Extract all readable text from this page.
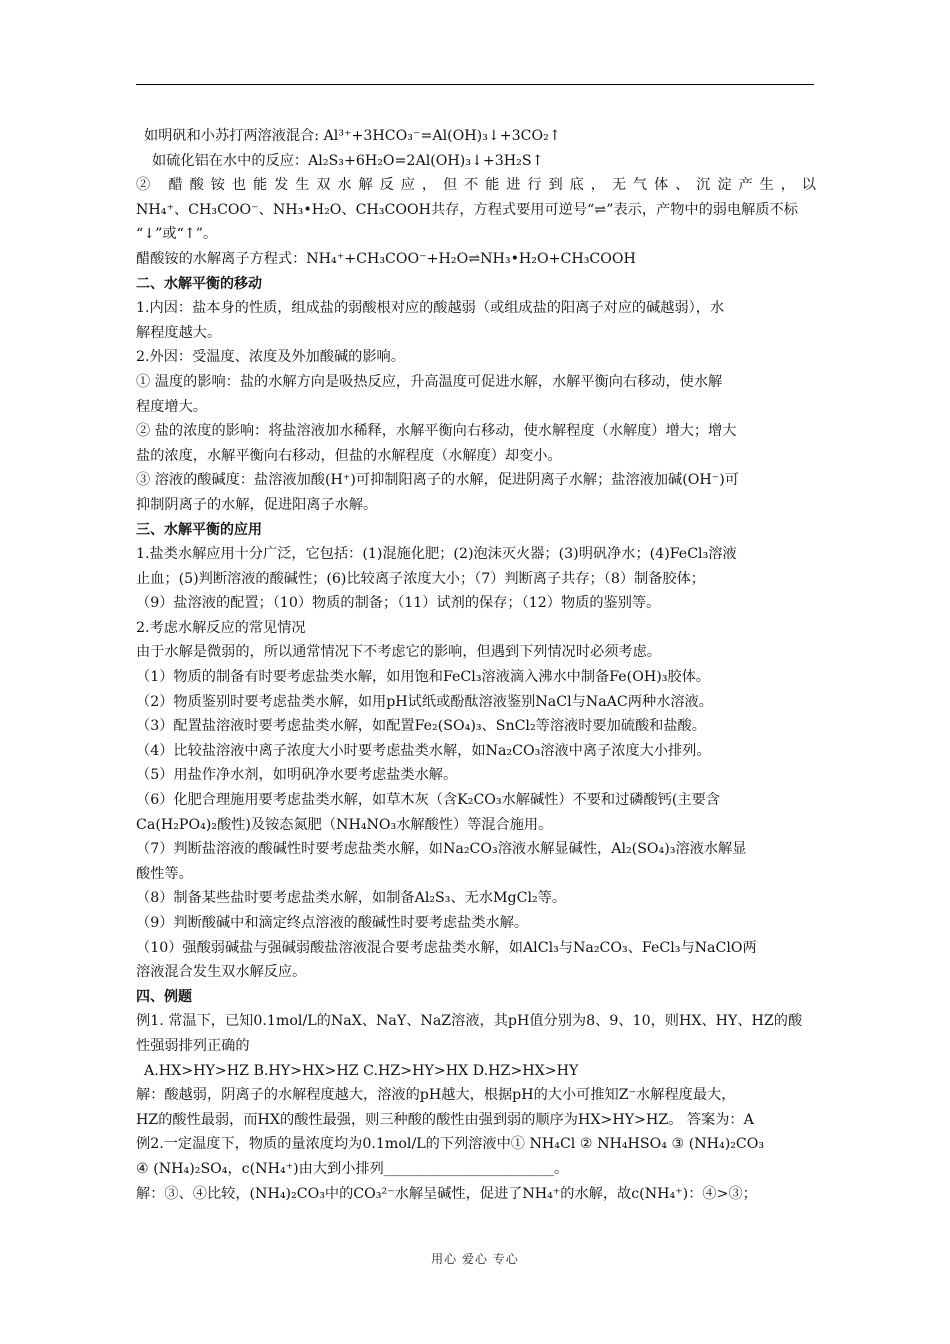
如明矾和小苏打两溶液混合: Al³⁺+3HCO₃⁻=Al(OH)₃↓+3CO₂↑
如硫化铝在水中的反应：Al₂S₃+6H₂O=2Al(OH)₃↓+3H₂S↑
② 醋酸铵也能发生双水解反应，但不能进行到底，无气体、沉淀产生，以
NH₄⁺、CH₃COO⁻、NH₃•H₂O、CH₃COOH共存，方程式要用可逆号“⇌”表示，产物中的弱电解质不标
“↓”或“↑”。
醋酸铵的水解离子方程式：NH₄⁺+CH₃COO⁻+H₂O⇌NH₃•H₂O+CH₃COOH
二、水解平衡的移动
1.内因：盐本身的性质，组成盐的弱酸根对应的酸越弱（或组成盐的阳离子对应的碱越弱），水
解程度越大。
2.外因：受温度、浓度及外加酸碱的影响。
① 温度的影响：盐的水解方向是吸热反应，升高温度可促进水解，水解平衡向右移动，使水解
程度增大。
② 盐的浓度的影响：将盐溶液加水稀释，水解平衡向右移动，使水解程度（水解度）增大；增大
盐的浓度，水解平衡向右移动，但盐的水解程度（水解度）却变小。
③ 溶液的酸碱度：盐溶液加酸(H⁺)可抑制阳离子的水解，促进阴离子水解；盐溶液加碱(OH⁻)可
抑制阴离子的水解，促进阳离子水解。
三、水解平衡的应用
1.盐类水解应用十分广泛，它包括：(1)混施化肥；(2)泡沫灭火器；(3)明矾净水；(4)FeCl₃溶液
止血；(5)判断溶液的酸碱性；(6)比较离子浓度大小；（7）判断离子共存；（8）制备胶体；
（9）盐溶液的配置；（10）物质的制备；（11）试剂的保存；（12）物质的鉴别等。
2.考虑水解反应的常见情况
由于水解是微弱的，所以通常情况下不考虑它的影响，但遇到下列情况时必须考虑。
（1）物质的制备有时要考虑盐类水解，如用饱和FeCl₃溶液滴入沸水中制备Fe(OH)₃胶体。
（2）物质鉴别时要考虑盐类水解，如用pH试纸或酚酞溶液鉴别NaCl与NaAC两种水溶液。
（3）配置盐溶液时要考虑盐类水解，如配置Fe₂(SO₄)₃、SnCl₂等溶液时要加硫酸和盐酸。
（4）比较盐溶液中离子浓度大小时要考虑盐类水解，如Na₂CO₃溶液中离子浓度大小排列。
（5）用盐作净水剂，如明矾净水要考虑盐类水解。
（6）化肥合理施用要考虑盐类水解，如草木灰（含K₂CO₃水解碱性）不要和过磷酸钙(主要含
Ca(H₂PO₄)₂酸性)及铵态氮肥（NH₄NO₃水解酸性）等混合施用。
（7）判断盐溶液的酸碱性时要考虑盐类水解，如Na₂CO₃溶液水解显碱性，Al₂(SO₄)₃溶液水解显
酸性等。
（8）制备某些盐时要考虑盐类水解，如制备Al₂S₃、无水MgCl₂等。
（9）判断酸碱中和滴定终点溶液的酸碱性时要考虑盐类水解。
（10）强酸弱碱盐与强碱弱酸盐溶液混合要考虑盐类水解，如AlCl₃与Na₂CO₃、FeCl₃与NaClO两
溶液混合发生双水解反应。
四、例题
例1. 常温下，已知0.1mol/L的NaX、NaY、NaZ溶液，其pH值分别为8、9、10，则HX、HY、HZ的酸
性强弱排列正确的
A.HX>HY>HZ B.HY>HX>HZ C.HZ>HY>HX D.HZ>HX>HY
解：酸越弱，阴离子的水解程度越大，溶液的pH越大，根据pH的大小可推知Z⁻水解程度最大，
HZ的酸性最弱，而HX的酸性最强，则三种酸的酸性由强到弱的顺序为HX>HY>HZ。 答案为：A
例2.一定温度下，物质的量浓度均为0.1mol/L的下列溶液中① NH₄Cl ② NH₄HSO₄ ③ (NH₄)₂CO₃
④ (NH₄)₂SO₄，c(NH₄⁺)由大到小排列________________________。
解：③、④比较，(NH₄)₂CO₃中的CO₃²⁻水解呈碱性，促进了NH₄⁺的水解，故c(NH₄⁺)：④>③；
用心 爱心 专心
